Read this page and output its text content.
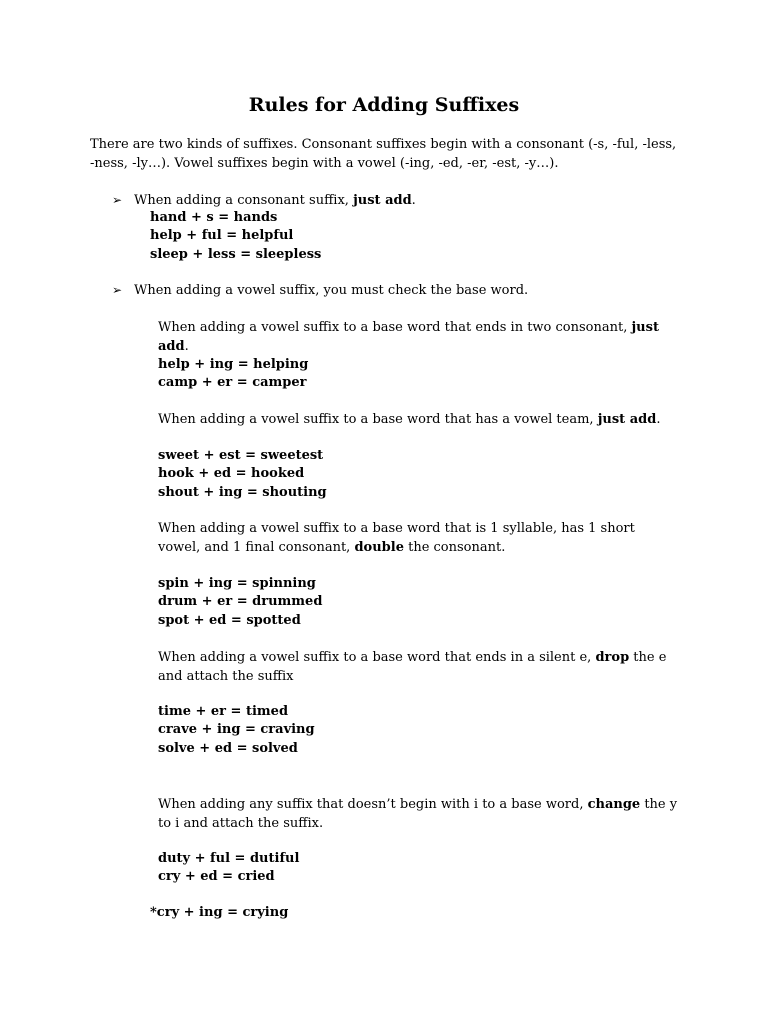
Rules for Adding Suffixes
There are two kinds of suffixes. Consonant suffixes begin with a consonant (-s, -ful, -less, -ness, -ly…). Vowel suffixes begin with a vowel (-ing, -ed, -er, -est, -y…).
➢ When adding a consonant suffix, just add.
hand + s = hands
help + ful = helpful
sleep + less = sleepless
➢ When adding a vowel suffix, you must check the base word.
When adding a vowel suffix to a base word that ends in two consonant, just add.
help + ing = helping
camp + er = camper
When adding a vowel suffix to a base word that has a vowel team, just add.
sweet + est = sweetest
hook + ed = hooked
shout + ing = shouting
When adding a vowel suffix to a base word that is 1 syllable, has 1 short vowel, and 1 final consonant, double the consonant.
spin + ing = spinning
drum + er = drummed
spot + ed = spotted
When adding a vowel suffix to a base word that ends in a silent e, drop the e and attach the suffix
time + er = timed
crave + ing = craving
solve + ed = solved
When adding any suffix that doesn’t begin with i to a base word, change the y to i and attach the suffix.
duty + ful = dutiful
cry + ed = cried
*cry + ing = crying
